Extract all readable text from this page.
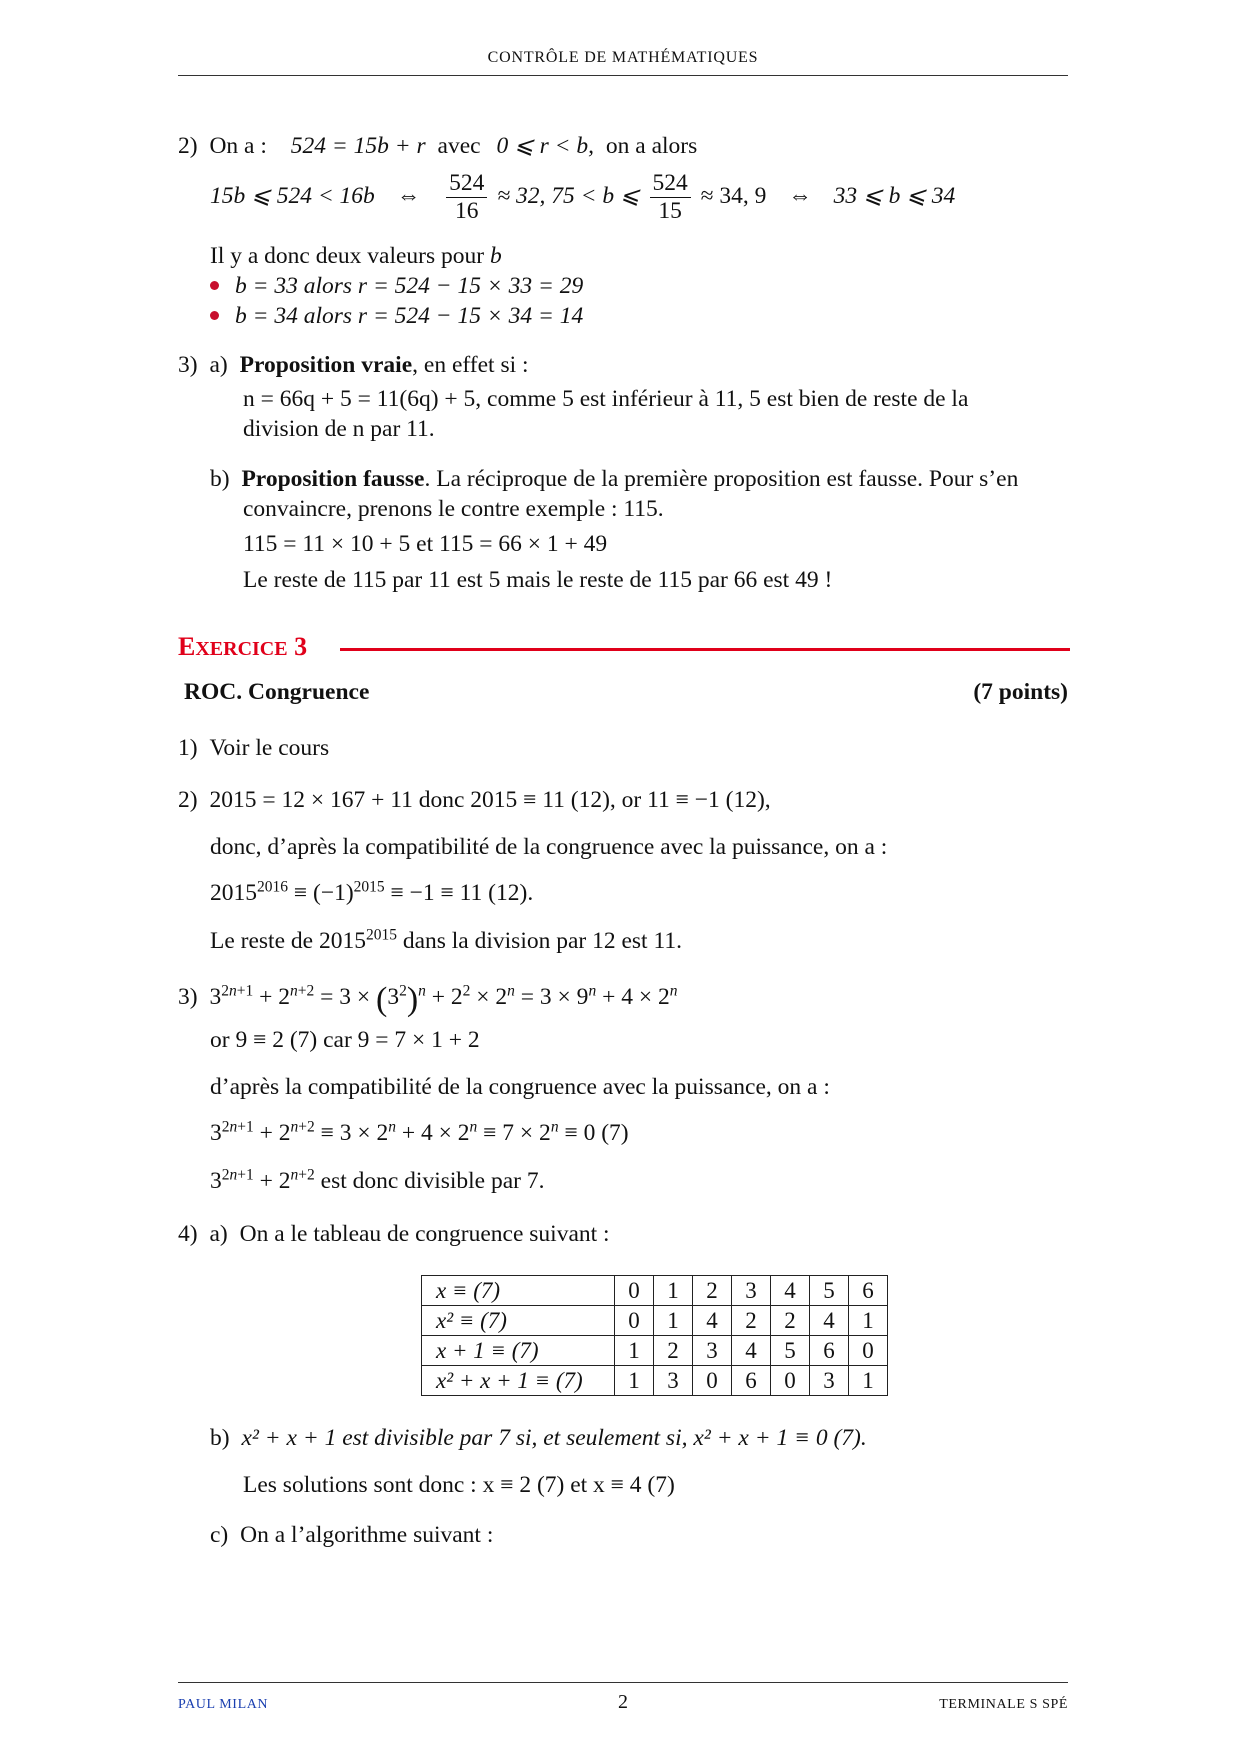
CONTRÔLE DE MATHÉMATIQUES
2) On a : 524 = 15b + r avec 0 ⩽ r < b, on a alors
15b ⩽ 524 < 16b ⇔ $\frac{524}{16} \approx 32$, 75 < b ⩽ $\frac{524}{15} \approx 34$, 9 ⇔ 33 ⩽ b ⩽ 34
Il y a donc deux valeurs pour b
b = 33 alors r = 524 − 15 × 33 = 29
b = 34 alors r = 524 − 15 × 34 = 14
3) a) Proposition vraie, en effet si :
n = 66q + 5 = 11(6q) + 5, comme 5 est inférieur à 11, 5 est bien de reste de la
division de n par 11.
b) Proposition fausse. La réciproque de la première proposition est fausse. Pour s’en
convaincre, prenons le contre exemple : 115.
115 = 11 × 10 + 5 et 115 = 66 × 1 + 49
Le reste de 115 par 11 est 5 mais le reste de 115 par 66 est 49 !
EXERCICE 3
ROC. Congruence	(7 points)
1) Voir le cours
2) 2015 = 12 × 167 + 11 donc 2015 ≡ 11 (12), or 11 ≡ −1 (12),
donc, d’après la compatibilité de la congruence avec la puissance, on a :
$2015^{2016} \equiv (-1)^{2015} \equiv -1 \equiv 11$ (12).
Le reste de $2015^{2015}$ dans la division par 12 est 11.
3) $3^{2n+1} + 2^{n+2} = 3 \times (3^2)^n + 2^2 \times 2^n = 3 \times 9^n + 4 \times 2^n$
or 9 ≡ 2 (7) car 9 = 7 × 1 + 2
d’après la compatibilité de la congruence avec la puissance, on a :
$3^{2n+1} + 2^{n+2} \equiv 3 \times 2^n + 4 \times 2^n \equiv 7 \times 2^n \equiv 0$ (7)
$3^{2n+1} + 2^{n+2}$ est donc divisible par 7.
4) a) On a le tableau de congruence suivant :
x ≡ (7)	0	1	2	3	4	5	6
x² ≡ (7)	0	1	4	2	2	4	1
x + 1 ≡ (7)	1	2	3	4	5	6	0
x² + x + 1 ≡ (7)	1	3	0	6	0	3	1
b) x² + x + 1 est divisible par 7 si, et seulement si, x² + x + 1 ≡ 0 (7).
Les solutions sont donc : x ≡ 2 (7) et x ≡ 4 (7)
c) On a l’algorithme suivant :
PAUL MILAN	2	TERMINALE S SPÉ
